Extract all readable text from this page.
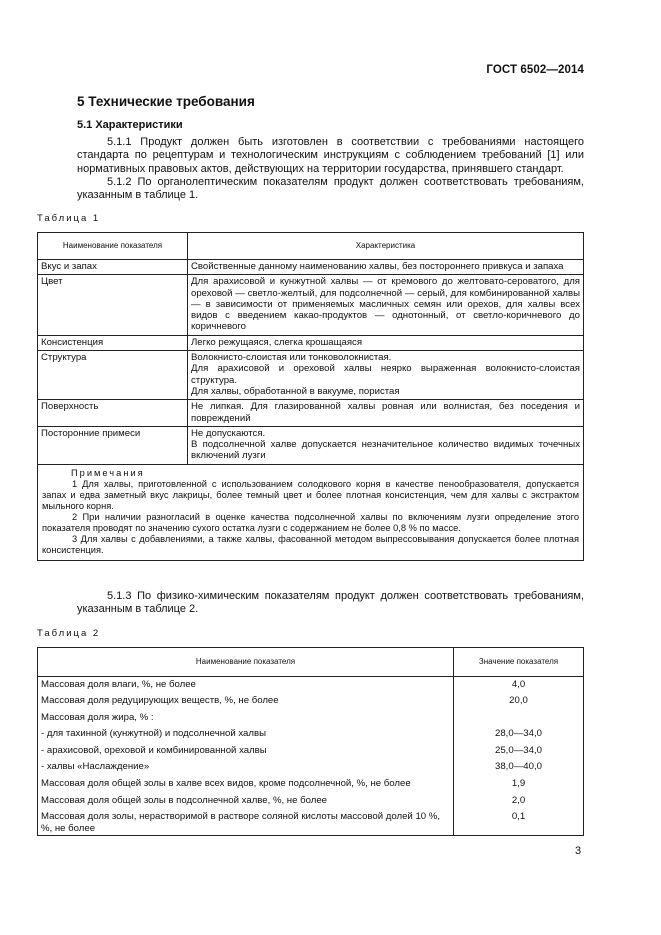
ГОСТ 6502—2014
5 Технические требования
5.1 Характеристики

5.1.1 Продукт должен быть изготовлен в соответствии с требованиями настоящего стандарта по рецептурам и технологическим инструкциям с соблюдением требований [1] или нормативных правовых актов, действующих на территории государства, принявшего стандарт.

5.1.2 По органолептическим показателям продукт должен соответствовать требованиям, указанным в таблице 1.

Таблица 1
Наименование показателя	Характеристика
Вкус и запах	Свойственные данному наименованию халвы, без постороннего привкуса и запаха
Цвет	Для арахисовой и кунжутной халвы — от кремового до желтовато-сероватого, для ореховой — светло-желтый, для подсолнечной — серый, для комбинированной халвы — в зависимости от применяемых масличных семян или орехов, для халвы всех видов с введением какао-продуктов — однотонный, от светло-коричневого до коричневого
Консистенция	Легко режущаяся, слегка крошащаяся
Структура	Волокнисто-слоистая или тонковолокнистая.
Для арахисовой и ореховой халвы неярко выраженная волокнисто-слоистая структура.
Для халвы, обработанной в вакууме, пористая

Поверхность	Не липкая. Для глазированной халвы ровная или волнистая, без поседения и повреждений
Посторонние примеси	Не допускаются.
В подсолнечной халве допускается незначительное количество видимых точечных включений лузги

Примечания
1 Для халвы, приготовленной с использованием солодкового корня в качестве пенообразователя, допускается запах и едва заметный вкус лакрицы, более темный цвет и более плотная консистенция, чем для халвы с экстрактом мыльного корня.
2 При наличии разногласий в оценке качества подсолнечной халвы по включениям лузги определение этого показателя проводят по значению сухого остатка лузги с содержанием не более 0,8 % по массе.
3 Для халвы с добавлениями, а также халвы, фасованной методом выпрессовывания допускается более плотная консистенция.	

5.1.3 По физико-химическим показателям продукт должен соответствовать требованиям, указанным в таблице 2.

Таблица 2
Наименование показателя	Значение показателя
Массовая доля влаги, %, не более	4,0
Массовая доля редуцирующих веществ, %, не более	20,0
Массовая доля жира, % :	
- для тахинной (кунжутной) и подсолнечной халвы	28,0—34,0
- арахисовой, ореховой и комбинированной халвы	25,0—34,0
- халвы «Наслаждение»	38,0—40,0
Массовая доля общей золы в халве всех видов, кроме подсолнечной, %, не более	1,9
Массовая доля общей золы в подсолнечной халве, %, не более	2,0
Массовая доля золы, нерастворимой в растворе соляной кислоты массовой долей 10 %, %, не более	0,1
3
